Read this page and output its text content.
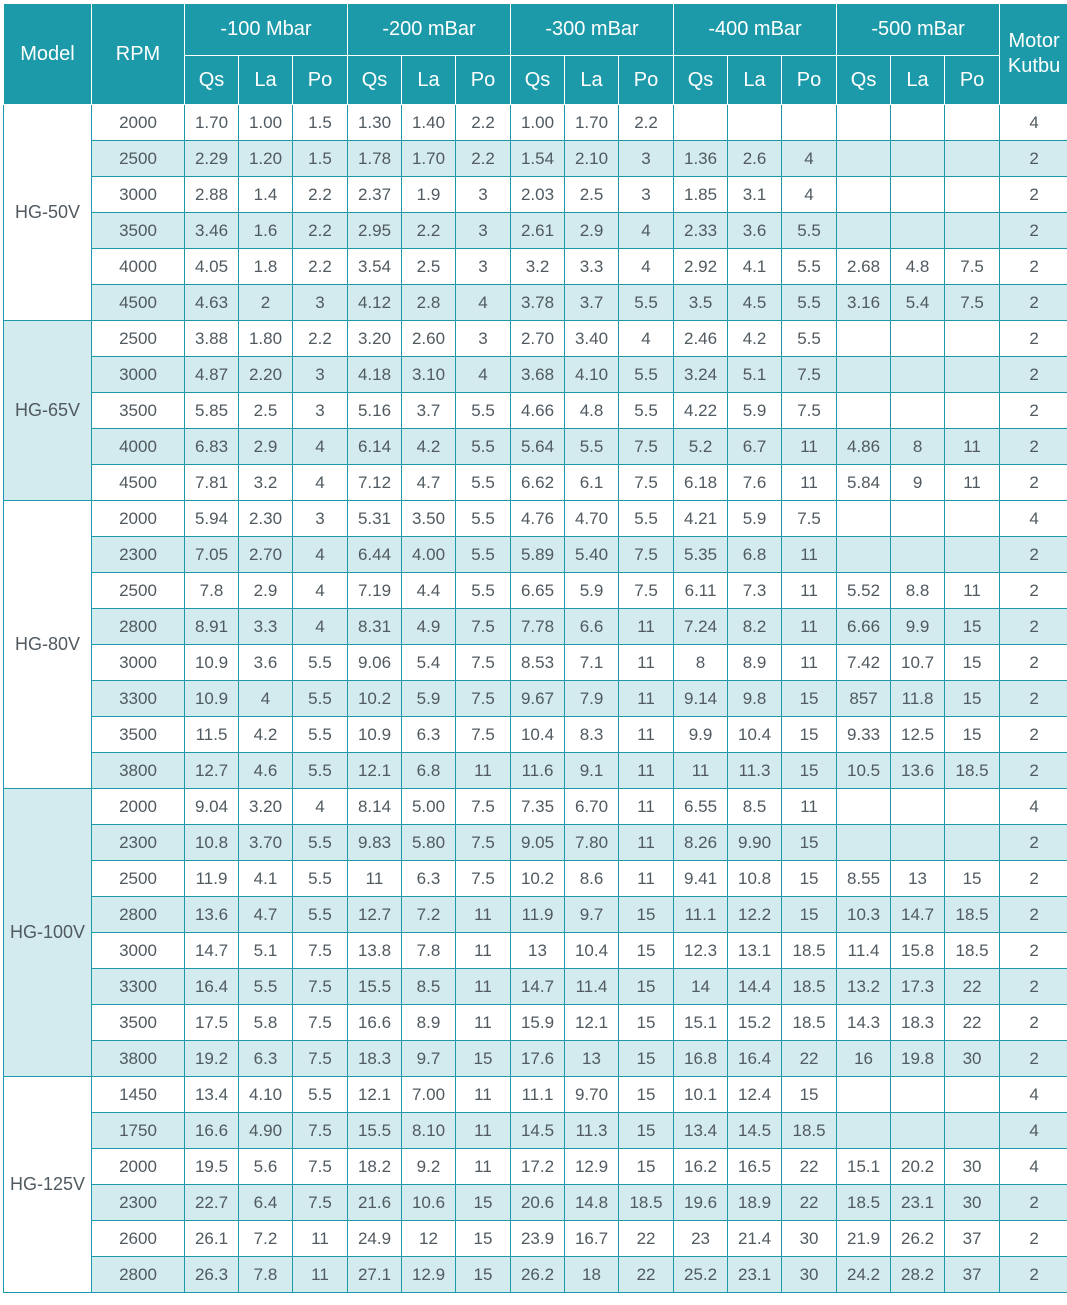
Model	RPM	-100 Mbar			-200 mBar			-300 mBar			-400 mBar			-500 mBar			Motor
Kutbu
		Qs	La	Po	Qs	La	Po	Qs	La	Po	Qs	La	Po	Qs	La	Po	
HG-50V	2000	1.70	1.00	1.5	1.30	1.40	2.2	1.00	1.70	2.2							4
	2500	2.29	1.20	1.5	1.78	1.70	2.2	1.54	2.10	3	1.36	2.6	4				2
	3000	2.88	1.4	2.2	2.37	1.9	3	2.03	2.5	3	1.85	3.1	4				2
	3500	3.46	1.6	2.2	2.95	2.2	3	2.61	2.9	4	2.33	3.6	5.5				2
	4000	4.05	1.8	2.2	3.54	2.5	3	3.2	3.3	4	2.92	4.1	5.5	2.68	4.8	7.5	2
	4500	4.63	2	3	4.12	2.8	4	3.78	3.7	5.5	3.5	4.5	5.5	3.16	5.4	7.5	2
HG-65V	2500	3.88	1.80	2.2	3.20	2.60	3	2.70	3.40	4	2.46	4.2	5.5				2
	3000	4.87	2.20	3	4.18	3.10	4	3.68	4.10	5.5	3.24	5.1	7.5				2
	3500	5.85	2.5	3	5.16	3.7	5.5	4.66	4.8	5.5	4.22	5.9	7.5				2
	4000	6.83	2.9	4	6.14	4.2	5.5	5.64	5.5	7.5	5.2	6.7	11	4.86	8	11	2
	4500	7.81	3.2	4	7.12	4.7	5.5	6.62	6.1	7.5	6.18	7.6	11	5.84	9	11	2
HG-80V	2000	5.94	2.30	3	5.31	3.50	5.5	4.76	4.70	5.5	4.21	5.9	7.5				4
	2300	7.05	2.70	4	6.44	4.00	5.5	5.89	5.40	7.5	5.35	6.8	11				2
	2500	7.8	2.9	4	7.19	4.4	5.5	6.65	5.9	7.5	6.11	7.3	11	5.52	8.8	11	2
	2800	8.91	3.3	4	8.31	4.9	7.5	7.78	6.6	11	7.24	8.2	11	6.66	9.9	15	2
	3000	10.9	3.6	5.5	9.06	5.4	7.5	8.53	7.1	11	8	8.9	11	7.42	10.7	15	2
	3300	10.9	4	5.5	10.2	5.9	7.5	9.67	7.9	11	9.14	9.8	15	857	11.8	15	2
	3500	11.5	4.2	5.5	10.9	6.3	7.5	10.4	8.3	11	9.9	10.4	15	9.33	12.5	15	2
	3800	12.7	4.6	5.5	12.1	6.8	11	11.6	9.1	11	11	11.3	15	10.5	13.6	18.5	2
HG-100V	2000	9.04	3.20	4	8.14	5.00	7.5	7.35	6.70	11	6.55	8.5	11				4
	2300	10.8	3.70	5.5	9.83	5.80	7.5	9.05	7.80	11	8.26	9.90	15				2
	2500	11.9	4.1	5.5	11	6.3	7.5	10.2	8.6	11	9.41	10.8	15	8.55	13	15	2
	2800	13.6	4.7	5.5	12.7	7.2	11	11.9	9.7	15	11.1	12.2	15	10.3	14.7	18.5	2
	3000	14.7	5.1	7.5	13.8	7.8	11	13	10.4	15	12.3	13.1	18.5	11.4	15.8	18.5	2
	3300	16.4	5.5	7.5	15.5	8.5	11	14.7	11.4	15	14	14.4	18.5	13.2	17.3	22	2
	3500	17.5	5.8	7.5	16.6	8.9	11	15.9	12.1	15	15.1	15.2	18.5	14.3	18.3	22	2
	3800	19.2	6.3	7.5	18.3	9.7	15	17.6	13	15	16.8	16.4	22	16	19.8	30	2
HG-125V	1450	13.4	4.10	5.5	12.1	7.00	11	11.1	9.70	15	10.1	12.4	15				4
	1750	16.6	4.90	7.5	15.5	8.10	11	14.5	11.3	15	13.4	14.5	18.5				4
	2000	19.5	5.6	7.5	18.2	9.2	11	17.2	12.9	15	16.2	16.5	22	15.1	20.2	30	4
	2300	22.7	6.4	7.5	21.6	10.6	15	20.6	14.8	18.5	19.6	18.9	22	18.5	23.1	30	2
	2600	26.1	7.2	11	24.9	12	15	23.9	16.7	22	23	21.4	30	21.9	26.2	37	2
	2800	26.3	7.8	11	27.1	12.9	15	26.2	18	22	25.2	23.1	30	24.2	28.2	37	2
